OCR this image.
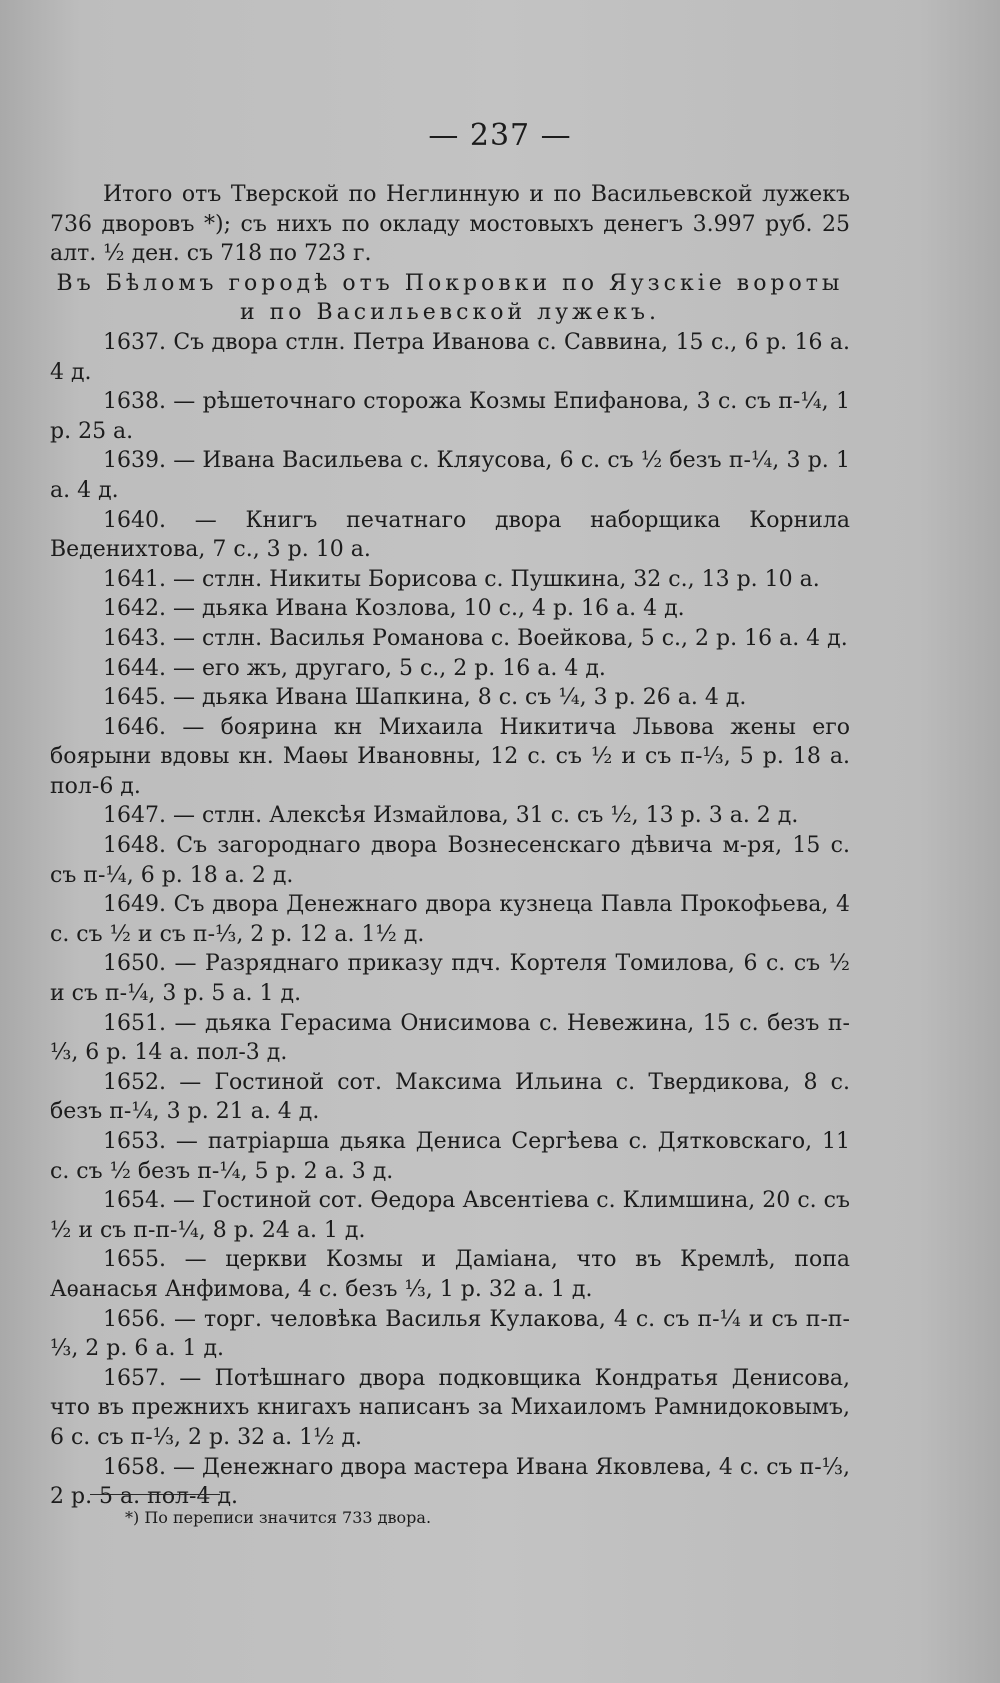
— 237 —

Итого отъ Тверской по Неглинную и по Васильевской лужекъ 736 дворовъ *); съ нихъ по окладу мостовыхъ денегъ 3.997 руб. 25 алт. ½ ден. съ 718 по 723 г.

Въ Бѣломъ городѣ отъ Покровки по Яузскіе вороты и по Васильевской лужекъ.

1637. Съ двора стлн. Петра Иванова с. Саввина, 15 с., 6 р. 16 а. 4 д.

1638. — рѣшеточнаго сторожа Козмы Епифанова, 3 с. съ п-¼, 1 р. 25 а.

1639. — Ивана Васильева с. Кляусова, 6 с. съ ½ безъ п-¼, 3 р. 1 а. 4 д.

1640. — Книгъ печатнаго двора наборщика Корнила Веденихтова, 7 с., 3 р. 10 а.

1641. — стлн. Никиты Борисова с. Пушкина, 32 с., 13 р. 10 а.

1642. — дьяка Ивана Козлова, 10 с., 4 р. 16 а. 4 д.

1643. — стлн. Василья Романова с. Воейкова, 5 с., 2 р. 16 а. 4 д.

1644. — его жъ, другаго, 5 с., 2 р. 16 а. 4 д.

1645. — дьяка Ивана Шапкина, 8 с. съ ¼, 3 р. 26 а. 4 д.

1646. — боярина кн Михаила Никитича Львова жены его боярыни вдовы кн. Маѳы Ивановны, 12 с. съ ½ и съ п-⅓, 5 р. 18 а. пол-6 д.

1647. — стлн. Алексѣя Измайлова, 31 с. съ ½, 13 р. 3 а. 2 д.

1648. Съ загороднаго двора Вознесенскаго дѣвича м-ря, 15 с. съ п-¼, 6 р. 18 а. 2 д.

1649. Съ двора Денежнаго двора кузнеца Павла Прокофьева, 4 с. съ ½ и съ п-⅓, 2 р. 12 а. 1½ д.

1650. — Разряднаго приказу пдч. Кортеля Томилова, 6 с. съ ½ и съ п-¼, 3 р. 5 а. 1 д.

1651. — дьяка Герасима Онисимова с. Невежина, 15 с. безъ п-⅓, 6 р. 14 а. пол-3 д.

1652. — Гостиной сот. Максима Ильина с. Твердикова, 8 с. безъ п-¼, 3 р. 21 а. 4 д.

1653. — патріарша дьяка Дениса Сергѣева с. Дятковскаго, 11 с. съ ½ безъ п-¼, 5 р. 2 а. 3 д.

1654. — Гостиной сот. Ѳедора Авсентіева с. Климшина, 20 с. съ ½ и съ п-п-¼, 8 р. 24 а. 1 д.

1655. — церкви Козмы и Даміана, что въ Кремлѣ, попа Аѳанасья Анфимова, 4 с. безъ ⅓, 1 р. 32 а. 1 д.

1656. — торг. человѣка Василья Кулакова, 4 с. съ п-¼ и съ п-п-⅓, 2 р. 6 а. 1 д.

1657. — Потѣшнаго двора подковщика Кондратья Денисова, что въ прежнихъ книгахъ написанъ за Михаиломъ Рамнидоковымъ, 6 с. съ п-⅓, 2 р. 32 а. 1½ д.

1658. — Денежнаго двора мастера Ивана Яковлева, 4 с. съ п-⅓, 2 р. 5 а. пол-4 д.

*) По переписи значится 733 двора.
